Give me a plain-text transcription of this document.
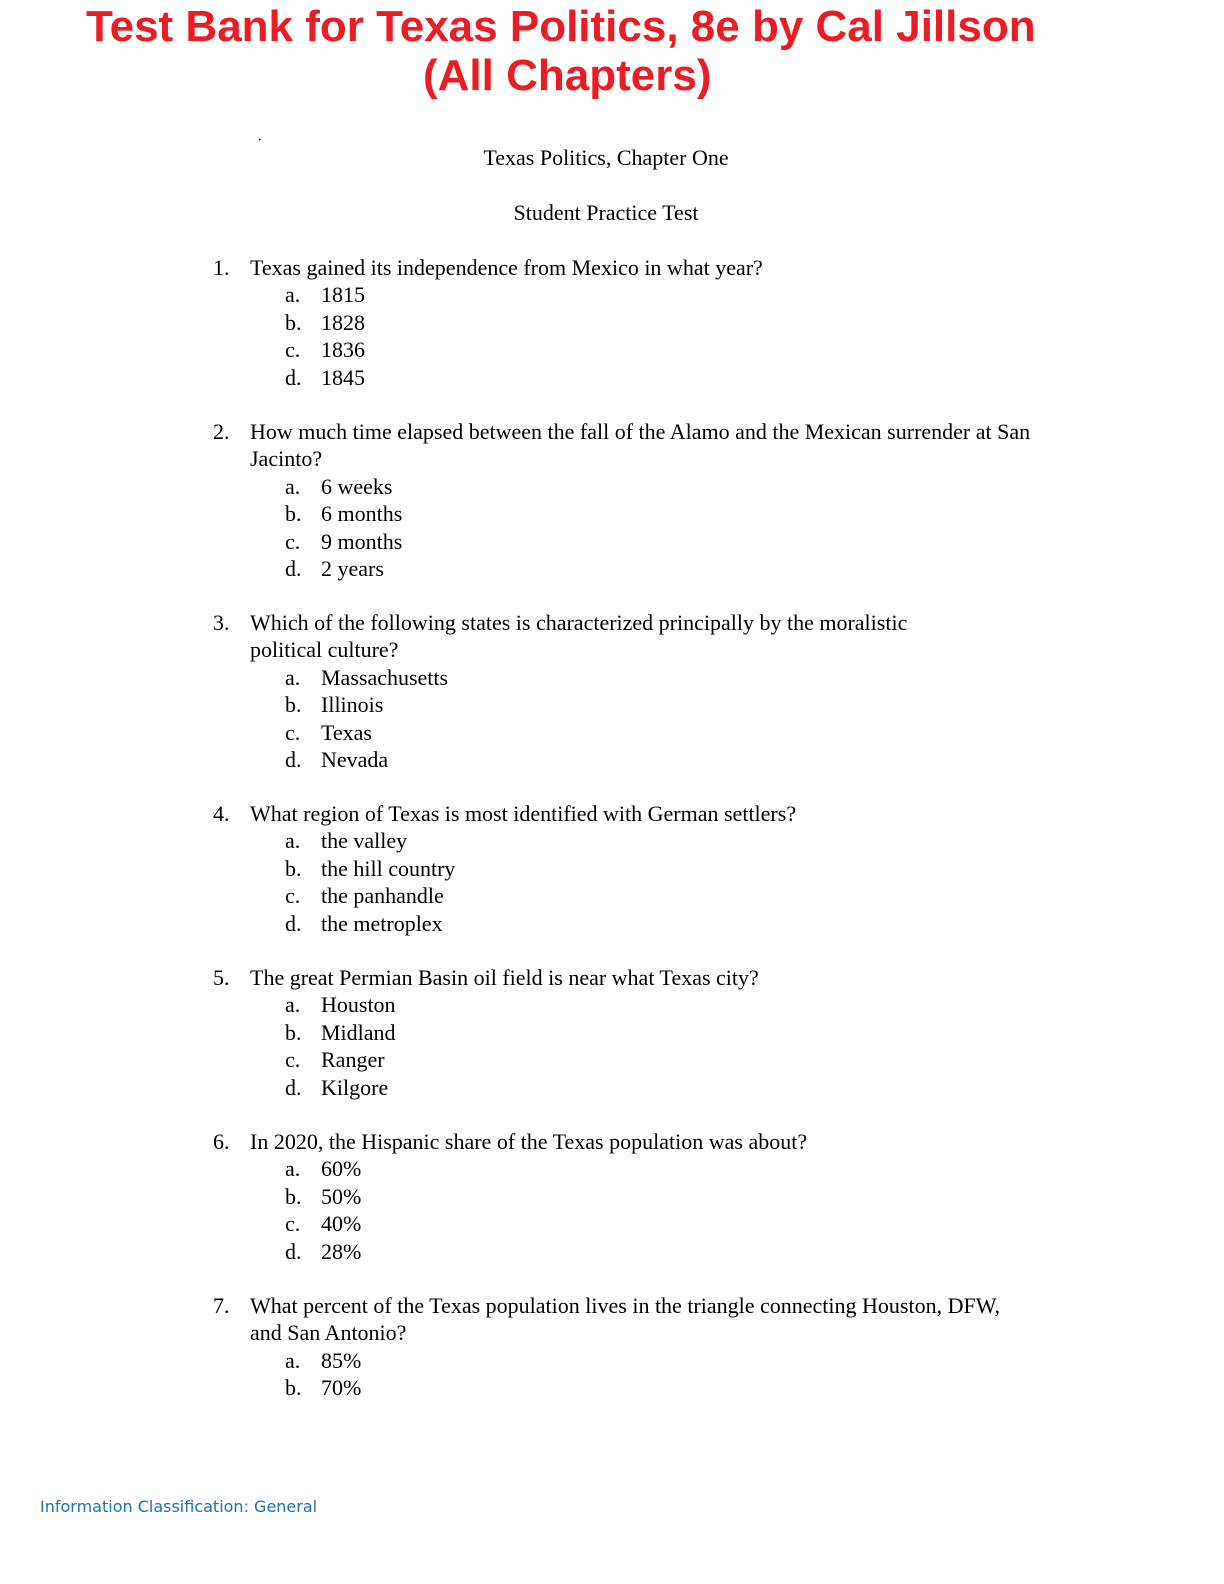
Test Bank for Texas Politics, 8e by Cal Jillson
(All Chapters)
·
Texas Politics, Chapter One
Student Practice Test
1. Texas gained its independence from Mexico in what year?
a. 1815
b. 1828
c. 1836
d. 1845
2. How much time elapsed between the fall of the Alamo and the Mexican surrender at San Jacinto?
a. 6 weeks
b. 6 months
c. 9 months
d. 2 years
3. Which of the following states is characterized principally by the moralistic political culture?
a. Massachusetts
b. Illinois
c. Texas
d. Nevada
4. What region of Texas is most identified with German settlers?
a. the valley
b. the hill country
c. the panhandle
d. the metroplex
5. The great Permian Basin oil field is near what Texas city?
a. Houston
b. Midland
c. Ranger
d. Kilgore
6. In 2020, the Hispanic share of the Texas population was about?
a. 60%
b. 50%
c. 40%
d. 28%
7. What percent of the Texas population lives in the triangle connecting Houston, DFW, and San Antonio?
a. 85%
b. 70%
Information Classification: General
